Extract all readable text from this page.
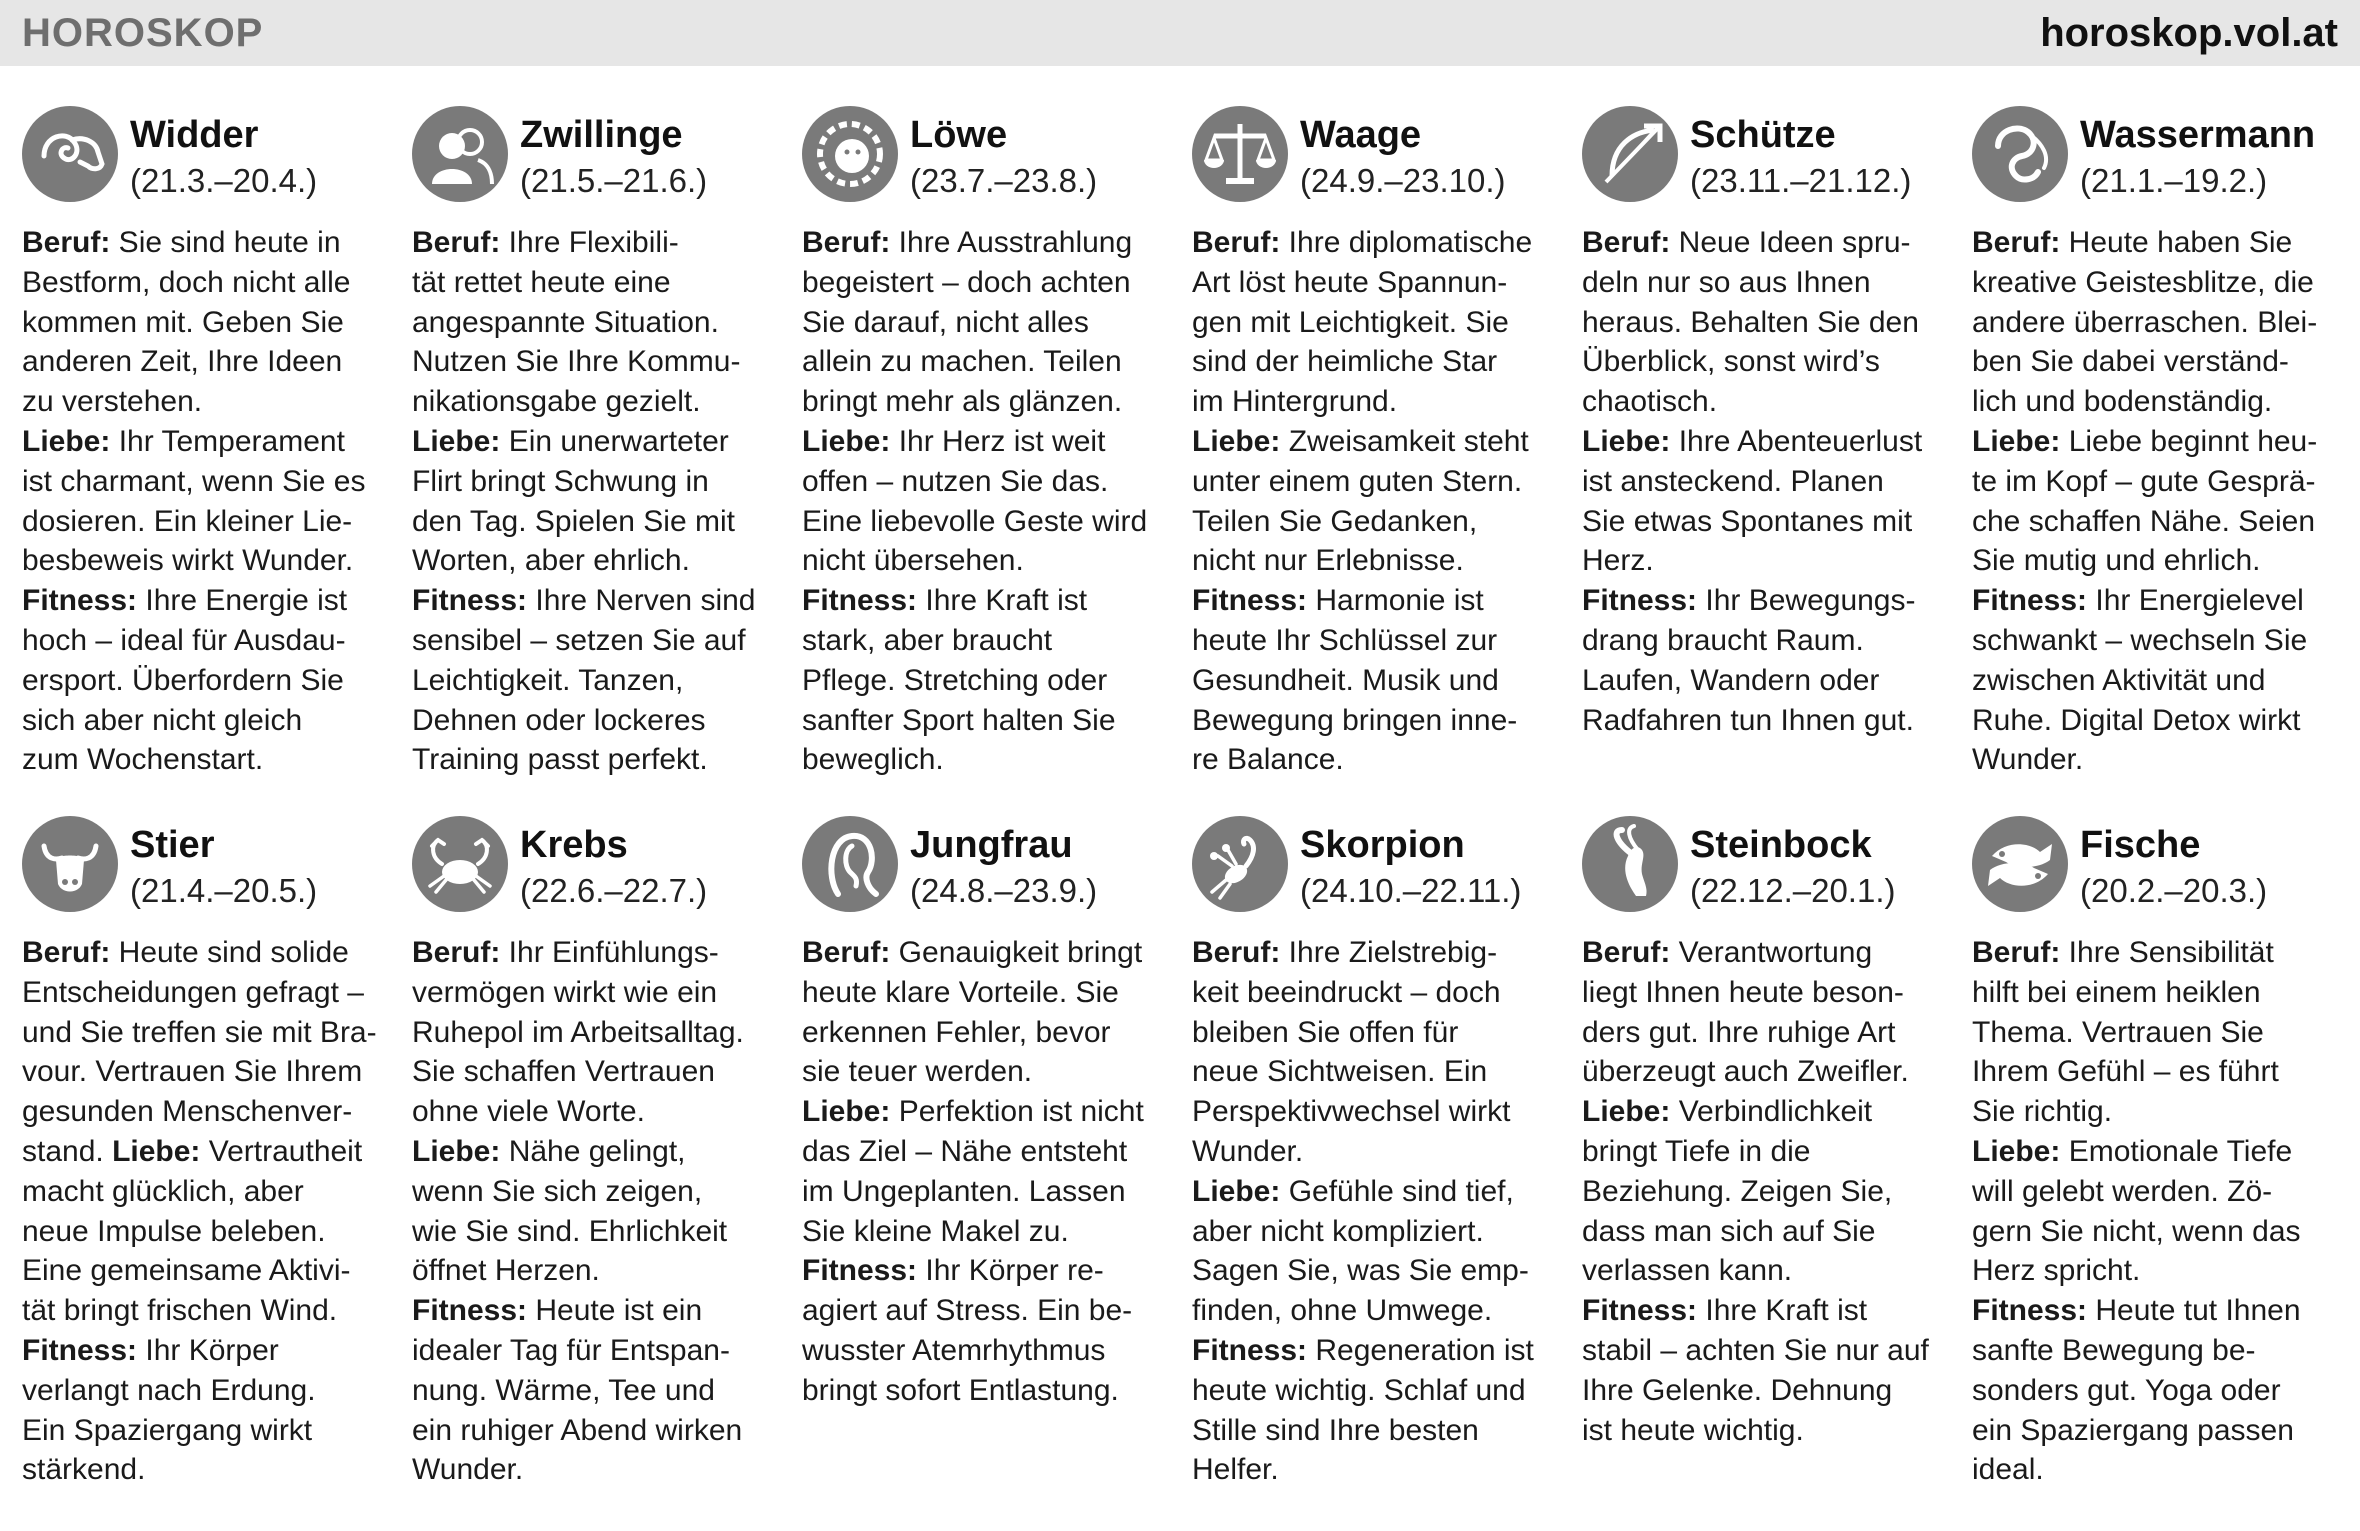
HOROSKOP	horoskop.vol.at
Widder
(21.3.–20.4.)
Beruf: Sie sind heute in
Bestform, doch nicht alle
kommen mit. Geben Sie
anderen Zeit, Ihre Ideen
zu verstehen.
Liebe: Ihr Temperament
ist charmant, wenn Sie es
dosieren. Ein kleiner Lie-
besbeweis wirkt Wunder.
Fitness: Ihre Energie ist
hoch – ideal für Ausdau-
ersport. Überfordern Sie
sich aber nicht gleich
zum Wochenstart.
Zwillinge
(21.5.–21.6.)
Beruf: Ihre Flexibili-
tät rettet heute eine
angespannte Situation.
Nutzen Sie Ihre Kommu-
nikationsgabe gezielt.
Liebe: Ein unerwarteter
Flirt bringt Schwung in
den Tag. Spielen Sie mit
Worten, aber ehrlich.
Fitness: Ihre Nerven sind
sensibel – setzen Sie auf
Leichtigkeit. Tanzen,
Dehnen oder lockeres
Training passt perfekt.
Löwe
(23.7.–23.8.)
Beruf: Ihre Ausstrahlung
begeistert – doch achten
Sie darauf, nicht alles
allein zu machen. Teilen
bringt mehr als glänzen.
Liebe: Ihr Herz ist weit
offen – nutzen Sie das.
Eine liebevolle Geste wird
nicht übersehen.
Fitness: Ihre Kraft ist
stark, aber braucht
Pflege. Stretching oder
sanfter Sport halten Sie
beweglich.
Waage
(24.9.–23.10.)
Beruf: Ihre diplomatische
Art löst heute Spannun-
gen mit Leichtigkeit. Sie
sind der heimliche Star
im Hintergrund.
Liebe: Zweisamkeit steht
unter einem guten Stern.
Teilen Sie Gedanken,
nicht nur Erlebnisse.
Fitness: Harmonie ist
heute Ihr Schlüssel zur
Gesundheit. Musik und
Bewegung bringen inne-
re Balance.
Schütze
(23.11.–21.12.)
Beruf: Neue Ideen spru-
deln nur so aus Ihnen
heraus. Behalten Sie den
Überblick, sonst wird’s
chaotisch.
Liebe: Ihre Abenteuerlust
ist ansteckend. Planen
Sie etwas Spontanes mit
Herz.
Fitness: Ihr Bewegungs-
drang braucht Raum.
Laufen, Wandern oder
Radfahren tun Ihnen gut.
Wassermann
(21.1.–19.2.)
Beruf: Heute haben Sie
kreative Geistesblitze, die
andere überraschen. Blei-
ben Sie dabei verständ-
lich und bodenständig.
Liebe: Liebe beginnt heu-
te im Kopf – gute Gesprä-
che schaffen Nähe. Seien
Sie mutig und ehrlich.
Fitness: Ihr Energielevel
schwankt – wechseln Sie
zwischen Aktivität und
Ruhe. Digital Detox wirkt
Wunder.
Stier
(21.4.–20.5.)
Beruf: Heute sind solide
Entscheidungen gefragt –
und Sie treffen sie mit Bra-
vour. Vertrauen Sie Ihrem
gesunden Menschenver-
stand. Liebe: Vertrautheit
macht glücklich, aber
neue Impulse beleben.
Eine gemeinsame Aktivi-
tät bringt frischen Wind.
Fitness: Ihr Körper
verlangt nach Erdung.
Ein Spaziergang wirkt
stärkend.
Krebs
(22.6.–22.7.)
Beruf: Ihr Einfühlungs-
vermögen wirkt wie ein
Ruhepol im Arbeitsalltag.
Sie schaffen Vertrauen
ohne viele Worte.
Liebe: Nähe gelingt,
wenn Sie sich zeigen,
wie Sie sind. Ehrlichkeit
öffnet Herzen.
Fitness: Heute ist ein
idealer Tag für Entspan-
nung. Wärme, Tee und
ein ruhiger Abend wirken
Wunder.
Jungfrau
(24.8.–23.9.)
Beruf: Genauigkeit bringt
heute klare Vorteile. Sie
erkennen Fehler, bevor
sie teuer werden.
Liebe: Perfektion ist nicht
das Ziel – Nähe entsteht
im Ungeplanten. Lassen
Sie kleine Makel zu.
Fitness: Ihr Körper re-
agiert auf Stress. Ein be-
wusster Atemrhythmus
bringt sofort Entlastung.
Skorpion
(24.10.–22.11.)
Beruf: Ihre Zielstrebig-
keit beeindruckt – doch
bleiben Sie offen für
neue Sichtweisen. Ein
Perspektivwechsel wirkt
Wunder.
Liebe: Gefühle sind tief,
aber nicht kompliziert.
Sagen Sie, was Sie emp-
finden, ohne Umwege.
Fitness: Regeneration ist
heute wichtig. Schlaf und
Stille sind Ihre besten
Helfer.
Steinbock
(22.12.–20.1.)
Beruf: Verantwortung
liegt Ihnen heute beson-
ders gut. Ihre ruhige Art
überzeugt auch Zweifler.
Liebe: Verbindlichkeit
bringt Tiefe in die
Beziehung. Zeigen Sie,
dass man sich auf Sie
verlassen kann.
Fitness: Ihre Kraft ist
stabil – achten Sie nur auf
Ihre Gelenke. Dehnung
ist heute wichtig.
Fische
(20.2.–20.3.)
Beruf: Ihre Sensibilität
hilft bei einem heiklen
Thema. Vertrauen Sie
Ihrem Gefühl – es führt
Sie richtig.
Liebe: Emotionale Tiefe
will gelebt werden. Zö-
gern Sie nicht, wenn das
Herz spricht.
Fitness: Heute tut Ihnen
sanfte Bewegung be-
sonders gut. Yoga oder
ein Spaziergang passen
ideal.
